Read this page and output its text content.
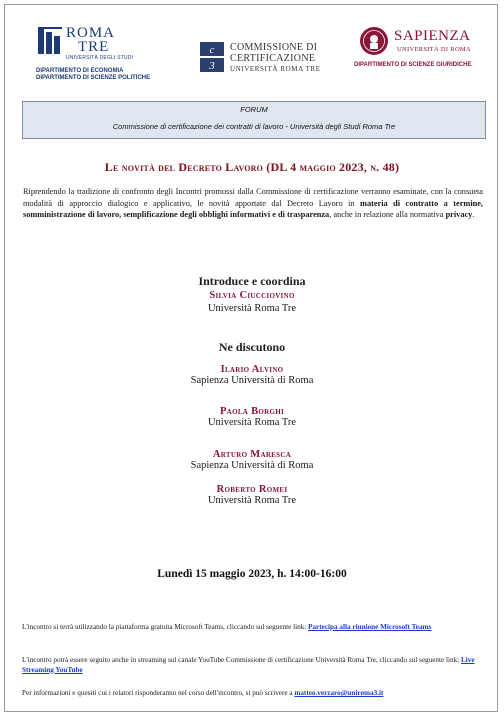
ROMA
TRE
UNIVERSITÀ DEGLI STUDI
DIPARTIMENTO DI ECONOMIA
DIPARTIMENTO DI SCIENZE POLITICHE
c
3
COMMISSIONE DI
CERTIFICAZIONE
UNIVERSITÀ ROMA TRE
SAPIENZA
UNIVERSITÀ DI ROMA
DIPARTIMENTO DI SCIENZE GIURIDICHE
FORUM
Commissione di certificazione dei contratti di lavoro - Università degli Studi Roma Tre
Le novità del Decreto Lavoro (DL 4 maggio 2023, n. 48)
Riprendendo la tradizione di confronto degli Incontri promossi dalla Commissione di certificazione verranno esaminate, con la consueta modalità di approccio dialogico e applicativo, le novità apportate dal Decreto Lavoro in materia di contratto a termine, somministrazione di lavoro, semplificazione degli obblighi informativi e di trasparenza, anche in relazione alla normativa privacy.
Introduce e coordina
Silvia Ciucciovino
Università Roma Tre
Ne discutono
Ilario Alvino
Sapienza Università di Roma
Paola Borghi
Università Roma Tre
Arturo Maresca
Sapienza Università di Roma
Roberto Romei
Università Roma Tre
Lunedì 15 maggio 2023, h. 14:00-16:00
L'incontro si terrà utilizzando la piattaforma gratuita Microsoft Teams, cliccando sul seguente link: Partecipa alla riunione Microsoft Teams
L'incontro potrà essere seguito anche in streaming sul canale YouTube Commissione di certificazione Università Roma Tre, cliccando sul seguente link: Live Streaming YouTube
Per informazioni e quesiti cui i relatori risponderanno nel corso dell'incontro, si può scrivere a matteo.verzaro@uniroma3.it
